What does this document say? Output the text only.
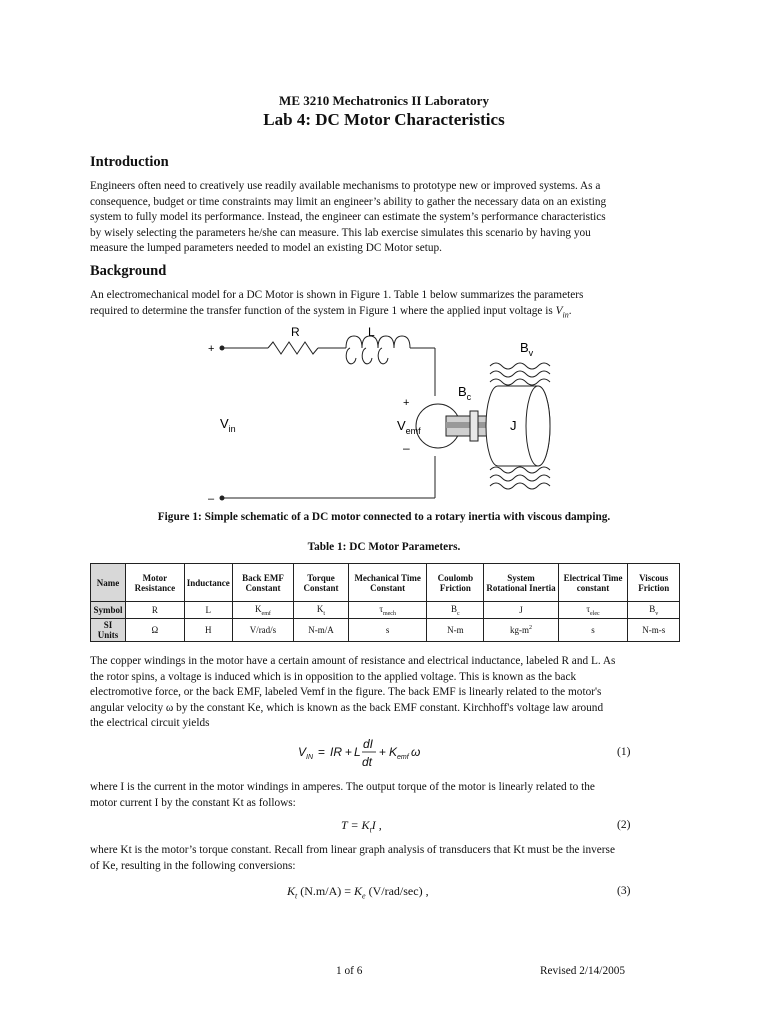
ME 3210 Mechatronics II Laboratory
Lab 4: DC Motor Characteristics
Introduction
Engineers often need to creatively use readily available mechanisms to prototype new or improved systems. As a
consequence, budget or time constraints may limit an engineer’s ability to gather the necessary data on an existing
system to fully model its performance. Instead, the engineer can estimate the system’s performance characteristics
by wisely selecting the parameters he/she can measure. This lab exercise simulates this scenario by having you
measure the lumped parameters needed to model an existing DC Motor setup.
Background
An electromechanical model for a DC Motor is shown in Figure 1. Table 1 below summarizes the parameters
required to determine the transfer function of the system in Figure 1 where the applied input voltage is $V_{in}$.
+
–
R	L
$V_{in}$
+
$V_{emf}$
–
$B_v$
$B_c$
J
Figure 1: Simple schematic of a DC motor connected to a rotary inertia with viscous damping.
Table 1: DC Motor Parameters.
Name	Motor Resistance	Inductance	Back EMF Constant	Torque Constant	Mechanical Time Constant	Coulomb Friction	System Rotational Inertia	Electrical Time constant	Viscous Friction
Symbol	R	L	$K_{emf}$	$K_t$	$\tau_{mech}$	$B_c$	J	$\tau_{elec}$	$B_v$
SI Units	Ω	H	V/rad/s	N-m/A	s	N-m	$kg-m^2$	s	N-m-s
The copper windings in the motor have a certain amount of resistance and electrical inductance, labeled R and L. As
the rotor spins, a voltage is induced which is in opposition to the applied voltage. This is known as the back
electromotive force, or the back EMF, labeled Vemf in the figure. The back EMF is linearly related to the motor's
angular velocity ω by the constant Ke, which is known as the back EMF constant. Kirchhoff's voltage law around
the electrical circuit yields
V IN = IR + L
dI
dt
+ K emf ω	(1)
where I is the current in the motor windings in amperes. The output torque of the motor is linearly related to the
motor current I by the constant Kt as follows:
$T = K_tI$ ,	(2)
where Kt is the motor’s torque constant. Recall from linear graph analysis of transducers that Kt must be the inverse
of Ke, resulting in the following conversions:
$K_t$ $(N.m/A) = K_e$ (V/rad/sec) ,	(3)
1 of 6	Revised 2/14/2005
